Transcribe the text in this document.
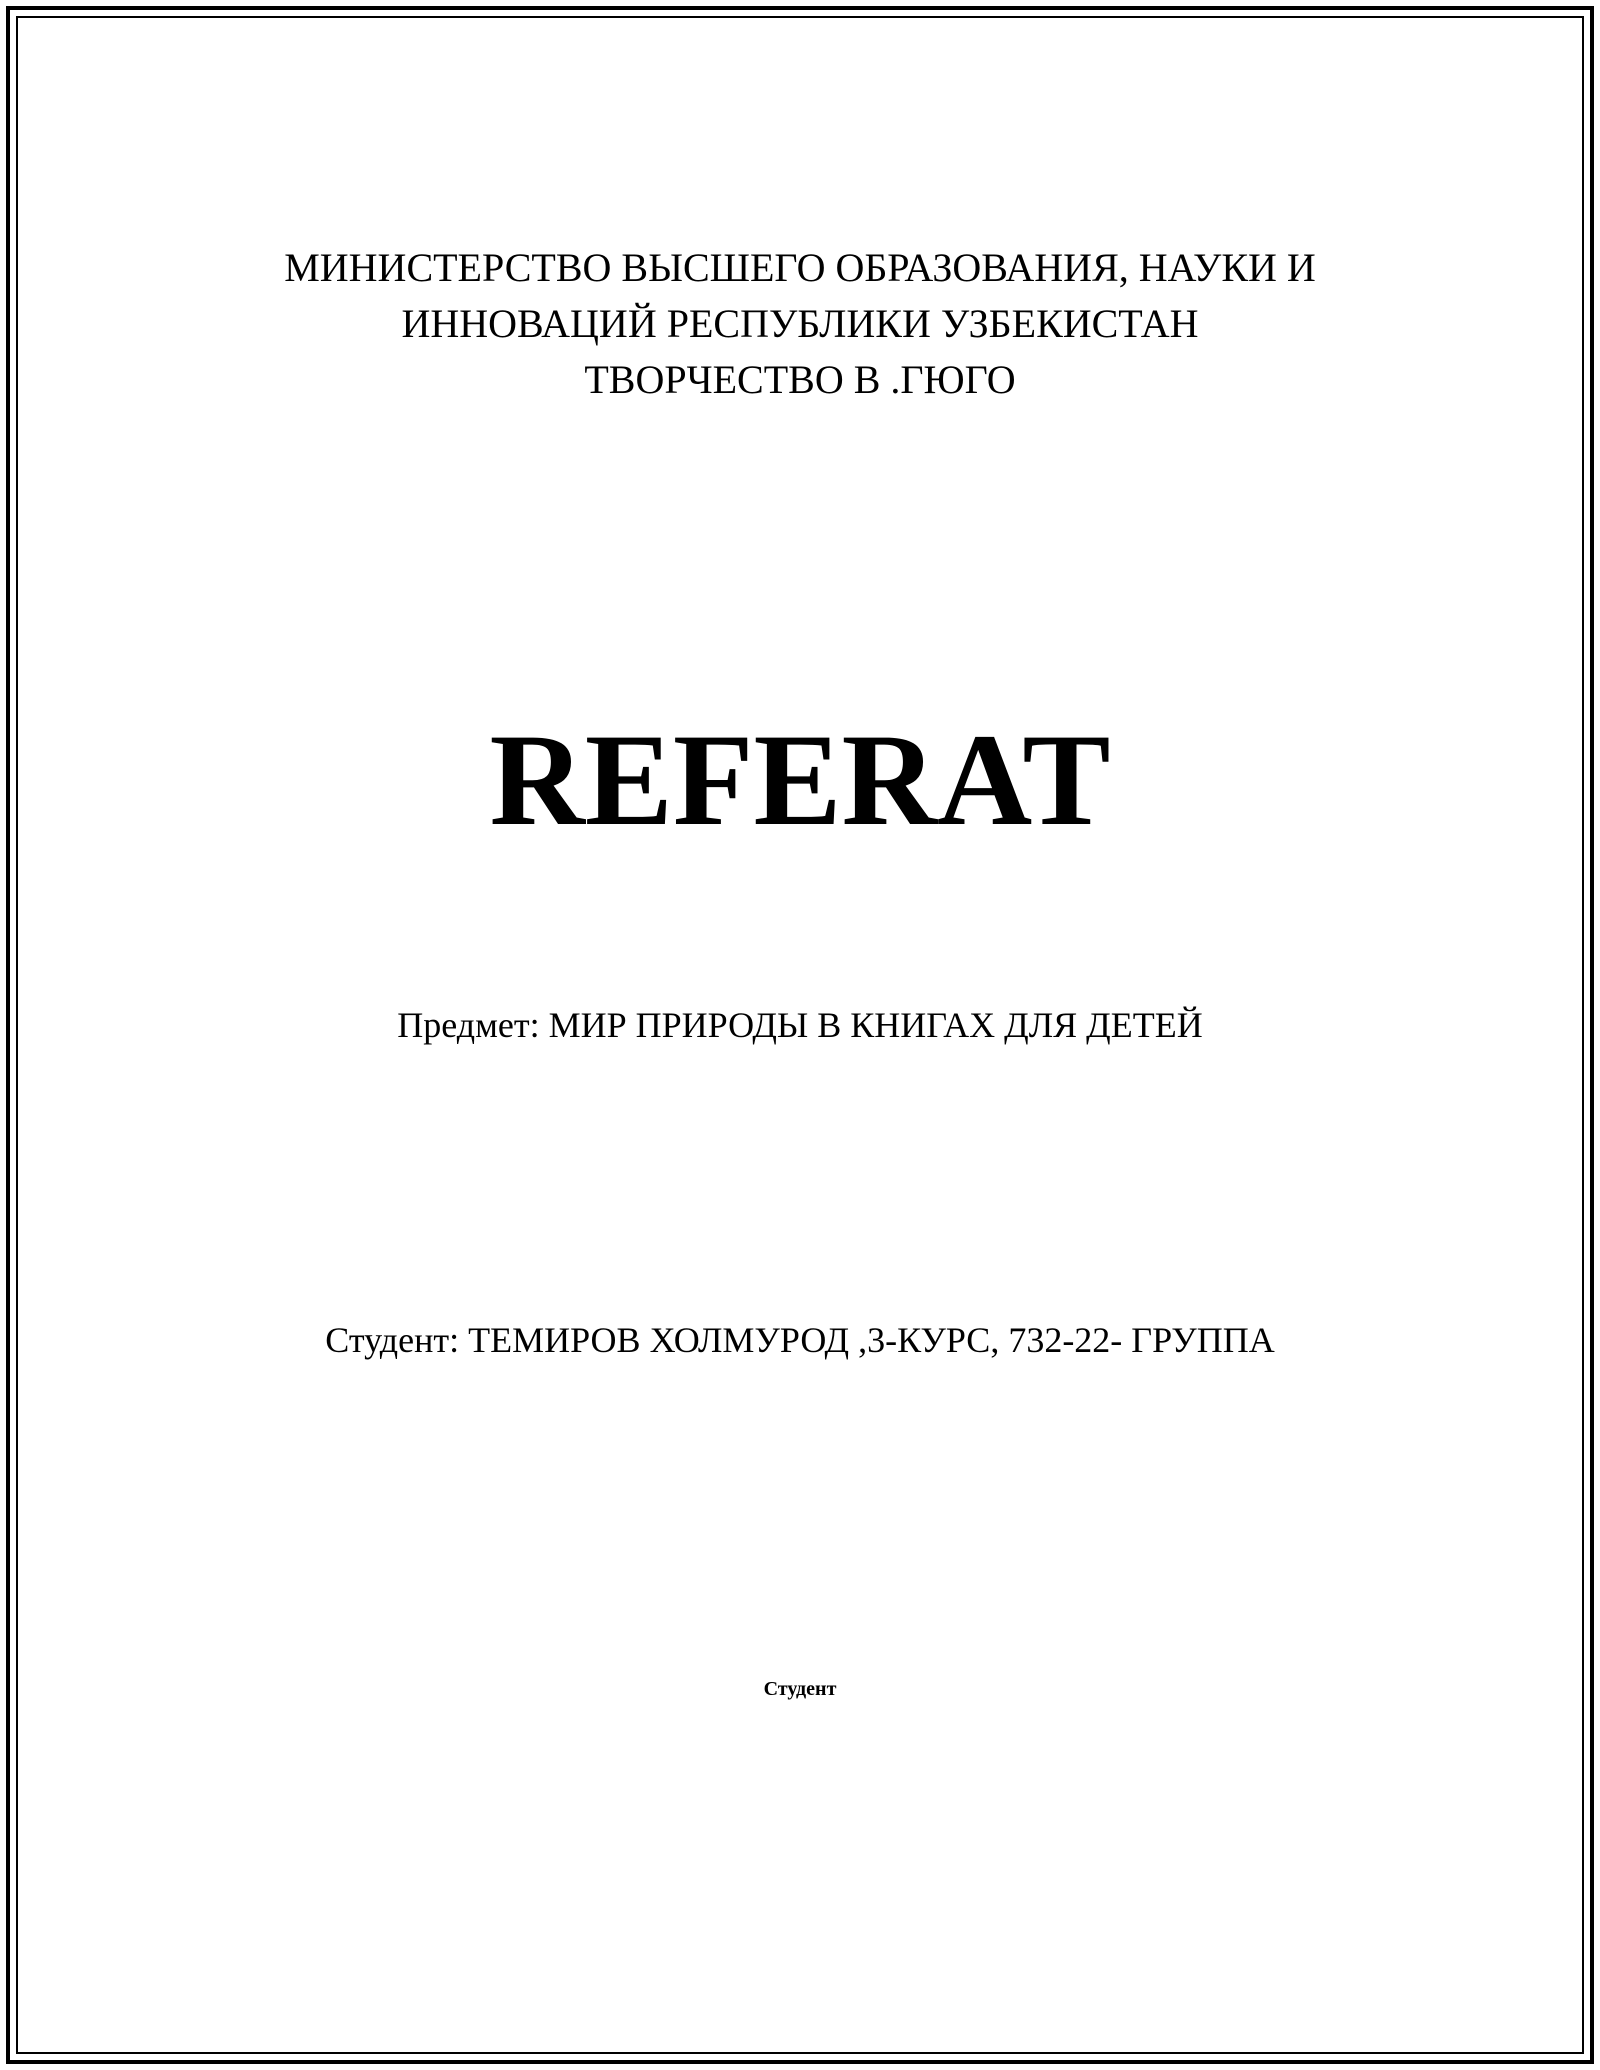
МИНИСТЕРСТВО ВЫСШЕГО ОБРАЗОВАНИЯ, НАУКИ И
ИННОВАЦИЙ РЕСПУБЛИКИ УЗБЕКИСТАН
ТВОРЧЕСТВО В .ГЮГО
REFERAT
Предмет: МИР ПРИРОДЫ В КНИГАХ ДЛЯ ДЕТЕЙ
Студент: ТЕМИРОВ ХОЛМУРОД ,3-КУРС, 732-22- ГРУППА
Студент
